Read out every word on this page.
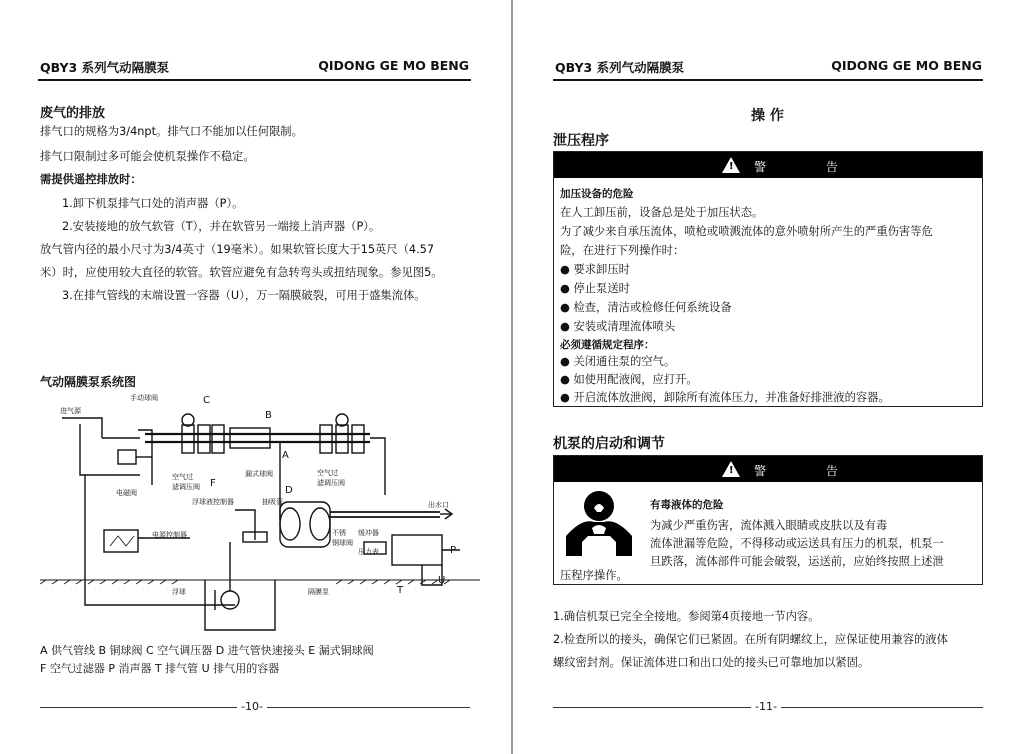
QBY3 系列气动隔膜泵	QIDONG GE MO BENG
废气的排放
排气口的规格为3/4npt。排气口不能加以任何限制。
排气口限制过多可能会使机泵操作不稳定。
需提供遥控排放时：
1.卸下机泵排气口处的消声器（P）。
2.安装接地的放气软管（T），并在软管另一端接上消声器（P）。
放气管内径的最小尺寸为3/4英寸（19毫米）。如果软管长度大于15英尺（4.57
米）时，应使用较大直径的软管。软管应避免有急转弯头或扭结现象。参见图5。
3.在排气管线的末端设置一容器（U），万一隔膜破裂，可用于盛集流体。
气动隔膜泵系统图
进气源
手动球阀	C
B
A
D
F
P
T
U
空气过
滤调压阀
漏式球阀	空气过
滤调压阀
电磁阀
浮球液控制器	抽吸管	出水口
电源控制器
浮球	隔膜泵
不锈
钢球阀
缓冲器
压力表
A 供气管线 B 铜球阀 C 空气调压器 D 进气管快速接头 E 漏式铜球阀
F 空气过滤器 P 消声器 T 排气管 U 排气用的容器
-10-
QBY3 系列气动隔膜泵	QIDONG GE MO BENG
操 作
泄压程序
! 警 告
加压设备的危险
在人工卸压前，设备总是处于加压状态。
为了减少来自承压流体，喷枪或喷溅流体的意外喷射所产生的严重伤害等危
险，在进行下列操作时：
● 要求卸压时
● 停止泵送时
● 检查，清洁或检修任何系统设备
● 安装或清理流体喷头
必须遵循规定程序：
● 关闭通往泵的空气。
● 如使用配液阀，应打开。
● 开启流体放泄阀，卸除所有流体压力，并准备好排泄液的容器。
机泵的启动和调节
! 警 告
有毒液体的危险
为减少严重伤害，流体溅入眼睛或皮肤以及有毒
流体泄漏等危险，不得移动或运送具有压力的机泵，机泵一
旦跌落，流体部件可能会破裂，运送前，应始终按照上述泄
压程序操作。
1.确信机泵已完全全接地。参阅第4页接地一节内容。
2.检查所以的接头，确保它们已紧固。在所有阴螺纹上，应保证使用兼容的液体
螺纹密封剂。保证流体进口和出口处的接头已可靠地加以紧固。
-11-
